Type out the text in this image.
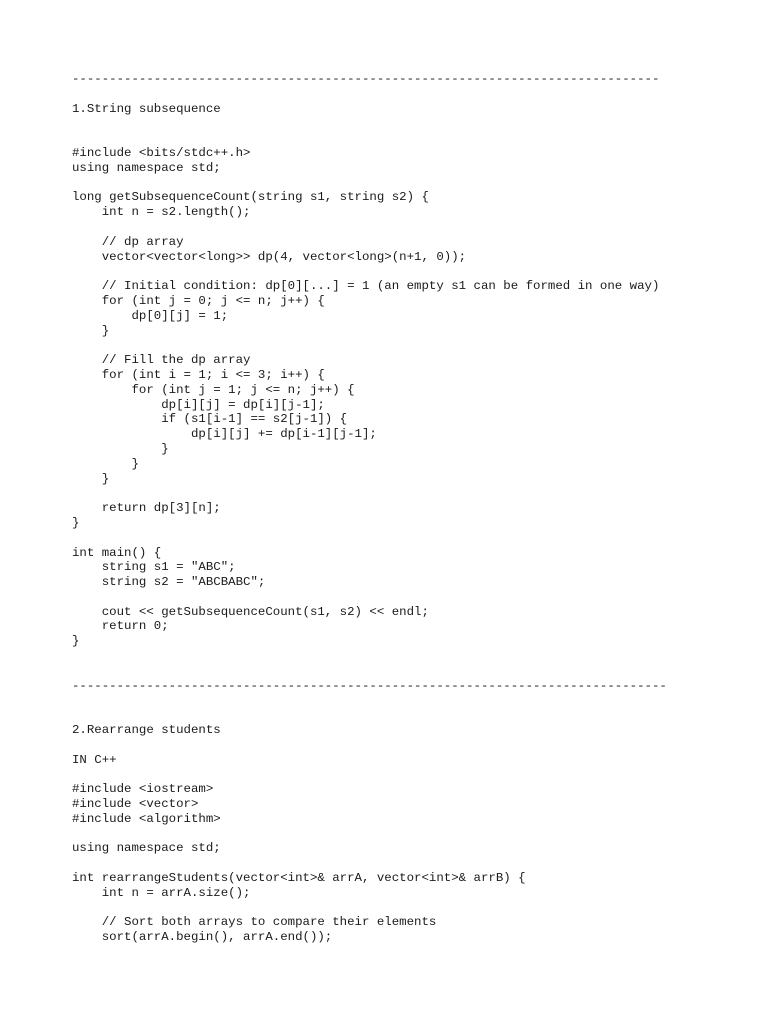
-------------------------------------------------------------------------------
1.String subsequence
#include <bits/stdc++.h>
using namespace std;
long getSubsequenceCount(string s1, string s2) {
int n = s2.length();
// dp array
vector<vector<long>> dp(4, vector<long>(n+1, 0));
// Initial condition: dp[0][...] = 1 (an empty s1 can be formed in one way)
for (int j = 0; j <= n; j++) {
dp[0][j] = 1;
}
// Fill the dp array
for (int i = 1; i <= 3; i++) {
for (int j = 1; j <= n; j++) {
dp[i][j] = dp[i][j-1];
if (s1[i-1] == s2[j-1]) {
dp[i][j] += dp[i-1][j-1];
}
}
}
return dp[3][n];
}
int main() {
string s1 = "ABC";
string s2 = "ABCBABC";
cout << getSubsequenceCount(s1, s2) << endl;
return 0;
}
--------------------------------------------------------------------------------
2.Rearrange students
IN C++
#include <iostream>
#include <vector>
#include <algorithm>
using namespace std;
int rearrangeStudents(vector<int>& arrA, vector<int>& arrB) {
int n = arrA.size();
// Sort both arrays to compare their elements
sort(arrA.begin(), arrA.end());
